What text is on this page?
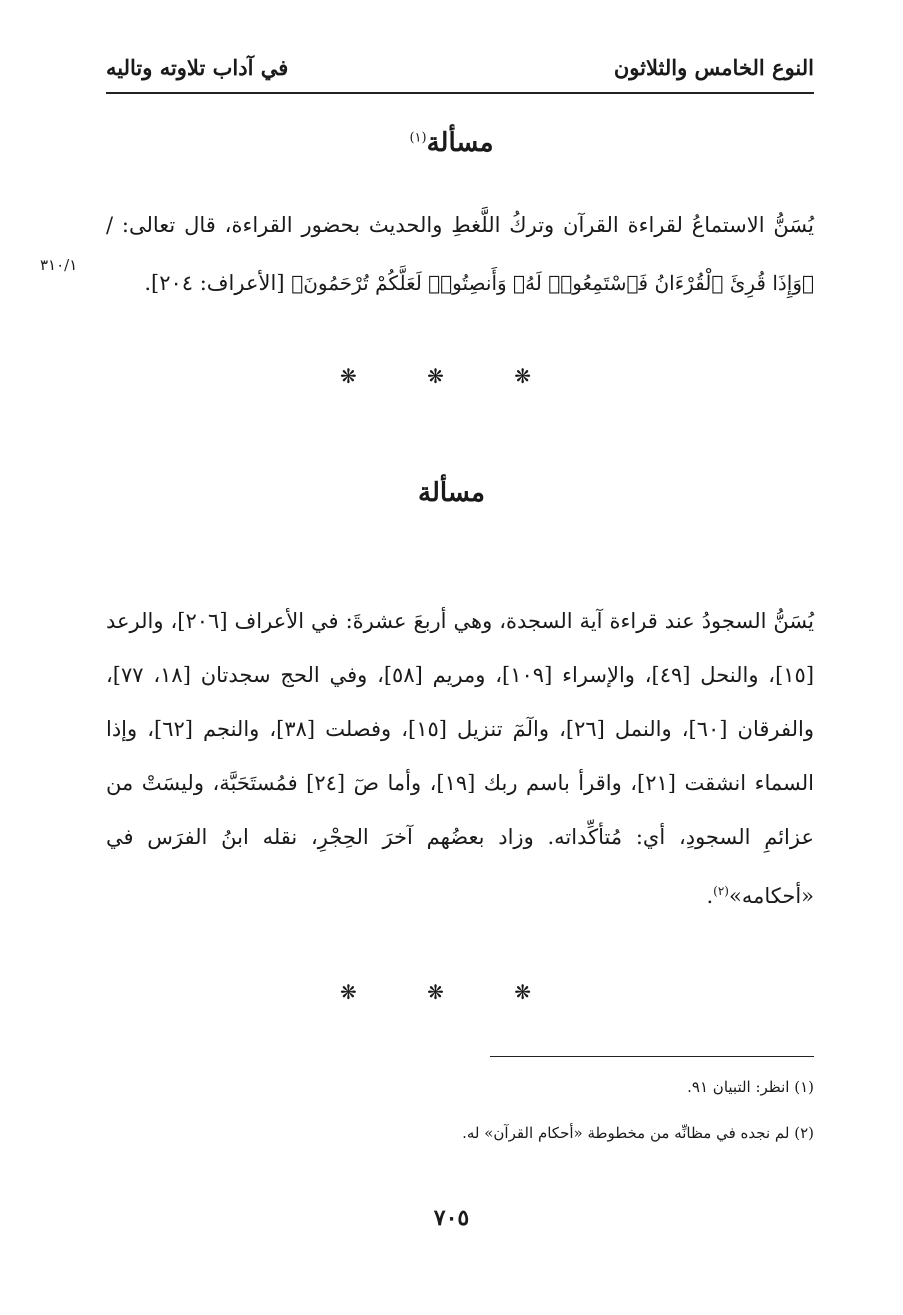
النوع الخامس والثلاثون
في آداب تلاوته وتاليه
مسألة$^{(١)}$
يُسَنُّ الاستماعُ لقراءة القرآن وتركُ اللَّغطِ والحديث بحضور القراءة، قال تعالى: / ﴿وَإِذَا قُرِئَ ٱلْقُرْءَانُ فَٱسْتَمِعُوا۟ لَهُۥ وَأَنصِتُوا۟ لَعَلَّكُمْ تُرْحَمُونَ﴾ [الأعراف: ٢٠٤].
٣١٠/١
❋ ❋ ❋
مسألة
يُسَنُّ السجودُ عند قراءة آية السجدة، وهي أربعَ عشرةَ: في الأعراف [٢٠٦]، والرعد [١٥]، والنحل [٤٩]، والإسراء [١٠٩]، ومريم [٥٨]، وفي الحج سجدتان [١٨، ٧٧]، والفرقان [٦٠]، والنمل [٢٦]، والٓمٓ تنزيل [١٥]، وفصلت [٣٨]، والنجم [٦٢]، وإذا السماء انشقت [٢١]، واقرأ باسم ربك [١٩]، وأما صٓ [٢٤] فمُستَحَبَّة، وليسَتْ من عزائمِ السجودِ، أي: مُتأكِّداته. وزاد بعضُهم آخرَ الحِجْرِ، نقله ابنُ الفرَس في «أحكامه»$^{(٢)}$.
❋ ❋ ❋
(١) انظر: التبيان ٩١.
(٢) لم نجده في مظانِّه من مخطوطة «أحكام القرآن» له.
٧٠٥
